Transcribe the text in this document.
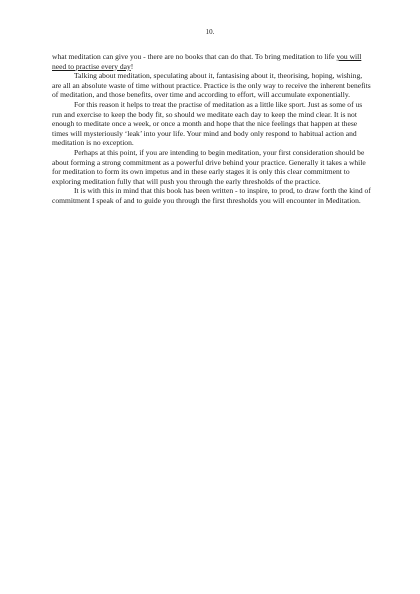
10.

what meditation can give you - there are no books that can do that. To bring meditation to life you will need to practise every day!

Talking about meditation, speculating about it, fantasising about it, theorising, hoping, wishing, are all an absolute waste of time without practice. Practice is the only way to receive the inherent benefits of meditation, and those benefits, over time and according to effort, will accumulate exponentially.

For this reason it helps to treat the practise of meditation as a little like sport. Just as some of us run and exercise to keep the body fit, so should we meditate each day to keep the mind clear. It is not enough to meditate once a week, or once a month and hope that the nice feelings that happen at these times will mysteriously ‘leak’ into your life. Your mind and body only respond to habitual action and meditation is no exception.

Perhaps at this point, if you are intending to begin meditation, your first consideration should be about forming a strong commitment as a powerful drive behind your practice. Generally it takes a while for meditation to form its own impetus and in these early stages it is only this clear commitment to exploring meditation fully that will push you through the early thresholds of the practice.

It is with this in mind that this book has been written - to inspire, to prod, to draw forth the kind of commitment I speak of and to guide you through the first thresholds you will encounter in Meditation.
